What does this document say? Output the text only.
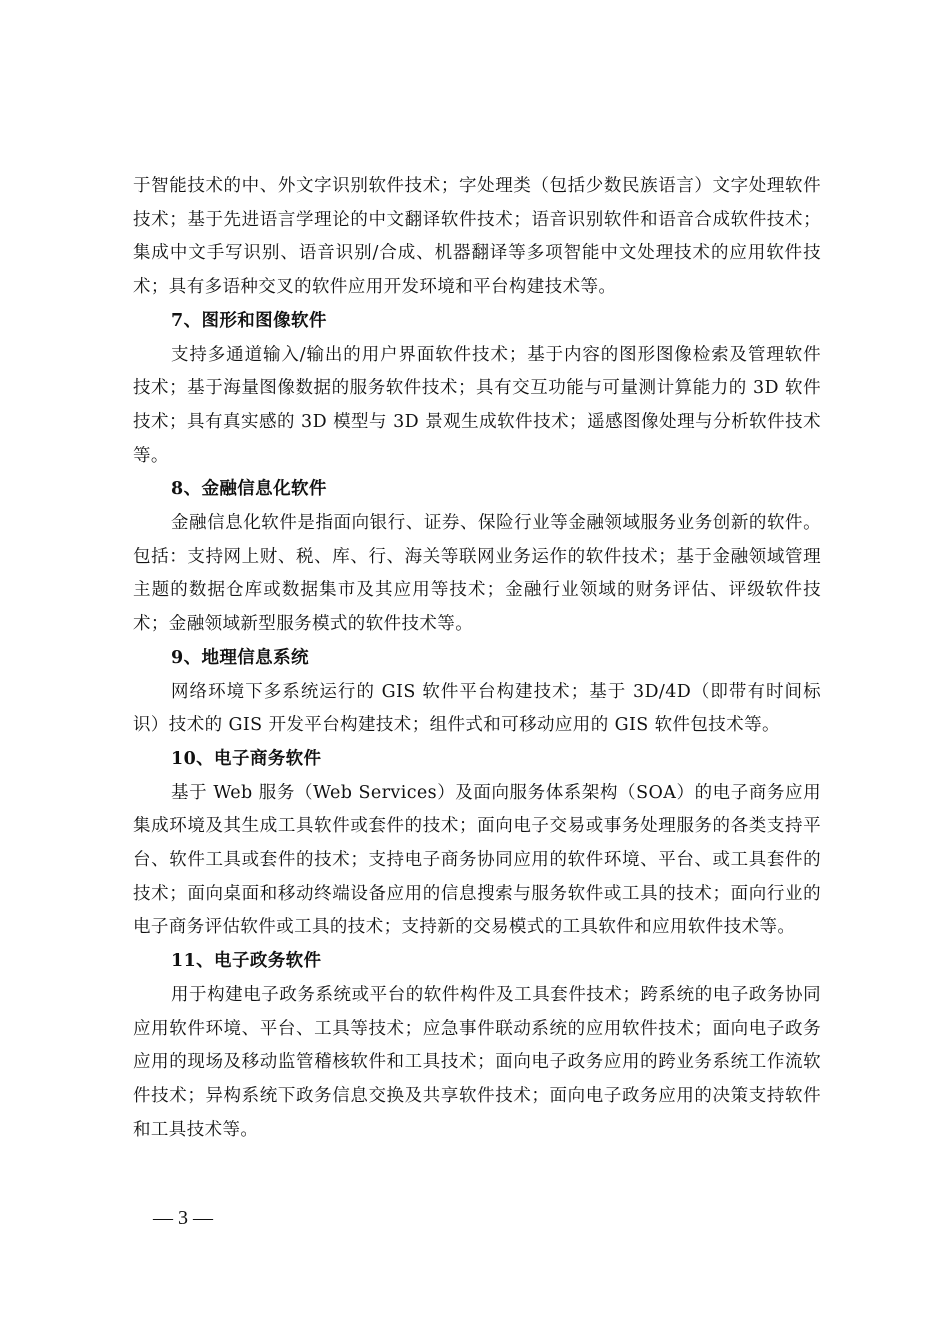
于智能技术的中、外文字识别软件技术；字处理类（包括少数民族语言）文字处理软件技术；基于先进语言学理论的中文翻译软件技术；语音识别软件和语音合成软件技术；集成中文手写识别、语音识别/合成、机器翻译等多项智能中文处理技术的应用软件技术；具有多语种交叉的软件应用开发环境和平台构建技术等。

7、图形和图像软件

支持多通道输入/输出的用户界面软件技术；基于内容的图形图像检索及管理软件技术；基于海量图像数据的服务软件技术；具有交互功能与可量测计算能力的 3D 软件技术；具有真实感的 3D 模型与 3D 景观生成软件技术；遥感图像处理与分析软件技术等。

8、金融信息化软件

金融信息化软件是指面向银行、证券、保险行业等金融领域服务业务创新的软件。包括：支持网上财、税、库、行、海关等联网业务运作的软件技术；基于金融领域管理主题的数据仓库或数据集市及其应用等技术；金融行业领域的财务评估、评级软件技术；金融领域新型服务模式的软件技术等。

9、地理信息系统

网络环境下多系统运行的 GIS 软件平台构建技术；基于 3D/4D（即带有时间标识）技术的 GIS 开发平台构建技术；组件式和可移动应用的 GIS 软件包技术等。

10、电子商务软件

基于 Web 服务（Web Services）及面向服务体系架构（SOA）的电子商务应用集成环境及其生成工具软件或套件的技术；面向电子交易或事务处理服务的各类支持平台、软件工具或套件的技术；支持电子商务协同应用的软件环境、平台、或工具套件的技术；面向桌面和移动终端设备应用的信息搜索与服务软件或工具的技术；面向行业的电子商务评估软件或工具的技术；支持新的交易模式的工具软件和应用软件技术等。

11、电子政务软件

用于构建电子政务系统或平台的软件构件及工具套件技术；跨系统的电子政务协同应用软件环境、平台、工具等技术；应急事件联动系统的应用软件技术；面向电子政务应用的现场及移动监管稽核软件和工具技术；面向电子政务应用的跨业务系统工作流软件技术；异构系统下政务信息交换及共享软件技术；面向电子政务应用的决策支持软件和工具技术等。

— 3 —
